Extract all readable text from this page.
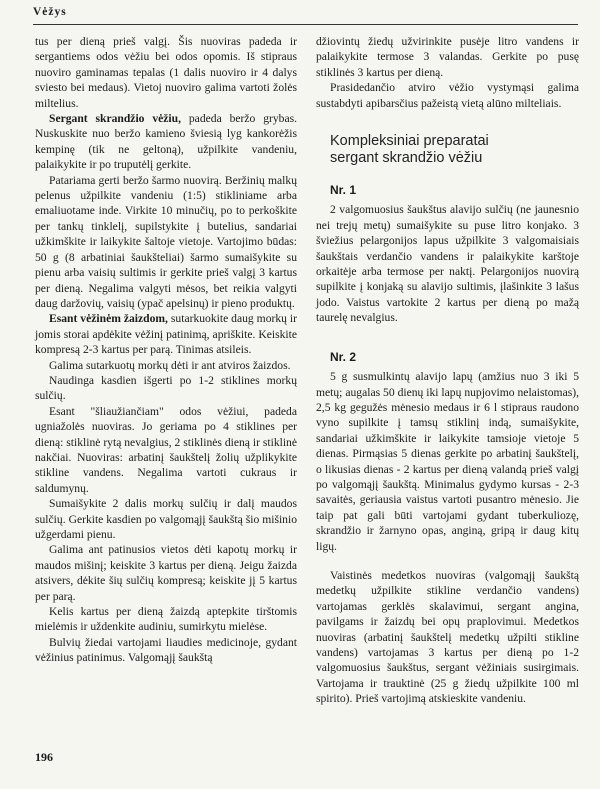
Vėžys

tus per dieną prieš valgį. Šis nuoviras padeda ir sergantiems odos vėžiu bei odos opomis. Iš stipraus nuoviro gaminamas tepalas (1 dalis nuoviro ir 4 dalys sviesto bei medaus). Vietoj nuoviro galima vartoti žolės miltelius.

Sergant skrandžio vėžiu, padeda beržo grybas. Nuskuskite nuo beržo kamieno šviesią lyg kankorėžis kempinę (tik ne geltoną), užpilkite vandeniu, palaikykite ir po truputėlį gerkite.

Patariama gerti beržo šarmo nuovirą. Beržinių malkų pelenus užpilkite vandeniu (1:5) stikliniame arba emaliuotame inde. Virkite 10 minučių, po to perkoškite per tankų tinklelį, supilstykite į butelius, sandariai užkimškite ir laikykite šaltoje vietoje. Vartojimo būdas: 50 g (8 arbatiniai šaukšteliai) šarmo sumaišykite su pienu arba vaisių sultimis ir gerkite prieš valgį 3 kartus per dieną. Negalima valgyti mėsos, bet reikia valgyti daug daržovių, vaisių (ypač apelsinų) ir pieno produktų.

Esant vėžinėm žaizdom, sutarkuokite daug morkų ir jomis storai apdėkite vėžinį patinimą, apriškite. Keiskite kompresą 2-3 kartus per parą. Tinimas atsileis.

Galima sutarkuotų morkų dėti ir ant atviros žaizdos.

Naudinga kasdien išgerti po 1-2 stiklines morkų sulčių.

Esant "šliaužiančiam" odos vėžiui, padeda ugniažolės nuoviras. Jo geriama po 4 stiklines per dieną: stiklinė rytą nevalgius, 2 stiklinės dieną ir stiklinė nakčiai. Nuoviras: arbatinį šaukštelį žolių užplikykite stikline vandens. Negalima vartoti cukraus ir saldumynų.

Sumaišykite 2 dalis morkų sulčių ir dalį maudos sulčių. Gerkite kasdien po valgomąjį šaukštą šio mišinio užgerdami pienu.

Galima ant patinusios vietos dėti kapotų morkų ir maudos mišinį; keiskite 3 kartus per dieną. Jeigu žaizda atsivers, dėkite šių sulčių kompresą; keiskite jį 5 kartus per parą.

Kelis kartus per dieną žaizdą aptepkite tirštomis mielėmis ir uždenkite audiniu, sumirkytu mielėse.

Bulvių žiedai vartojami liaudies medicinoje, gydant vėžinius patinimus. Valgomąjį šaukštą

džiovintų žiedų užvirinkite pusėje litro vandens ir palaikykite termose 3 valandas. Gerkite po pusę stiklinės 3 kartus per dieną.

Prasidedančio atviro vėžio vystymąsi galima sustabdyti apibarsčius pažeistą vietą alūno milteliais.

Kompleksiniai preparatai
sergant skrandžio vėžiu
Nr. 1

2 valgomuosius šaukštus alavijo sulčių (ne jaunesnio nei trejų metų) sumaišykite su puse litro konjako. 3 šviežius pelargonijos lapus užpilkite 3 valgomaisiais šaukštais verdančio vandens ir palaikykite karštoje orkaitėje arba termose per naktį. Pelargonijos nuovirą supilkite į konjaką su alavijo sultimis, įlašinkite 3 lašus jodo. Vaistus vartokite 2 kartus per dieną po mažą taurelę nevalgius.

Nr. 2

5 g susmulkintų alavijo lapų (amžius nuo 3 iki 5 metų; augalas 50 dienų iki lapų nupjovimo nelaistomas), 2,5 kg gegužės mėnesio medaus ir 6 l stipraus raudono vyno supilkite į tamsų stiklinį indą, sumaišykite, sandariai užkimškite ir laikykite tamsioje vietoje 5 dienas. Pirmąsias 5 dienas gerkite po arbatinį šaukštelį, o likusias dienas - 2 kartus per dieną valandą prieš valgį po valgomąjį šaukštą. Minimalus gydymo kursas - 2-3 savaitės, geriausia vaistus vartoti pusantro mėnesio. Jie taip pat gali būti vartojami gydant tuberkuliozę, skrandžio ir žarnyno opas, anginą, gripą ir daug kitų ligų.

Vaistinės medetkos nuoviras (valgomąjį šaukštą medetkų užpilkite stikline verdančio vandens) vartojamas gerklės skalavimui, sergant angina, pavilgams ir žaizdų bei opų praplovimui. Medetkos nuoviras (arbatinį šaukštelį medetkų užpilti stikline vandens) vartojamas 3 kartus per dieną po 1-2 valgomuosius šaukštus, sergant vėžiniais susirgimais. Vartojama ir trauktinė (25 g žiedų užpilkite 100 ml spirito). Prieš vartojimą atskieskite vandeniu.

196
